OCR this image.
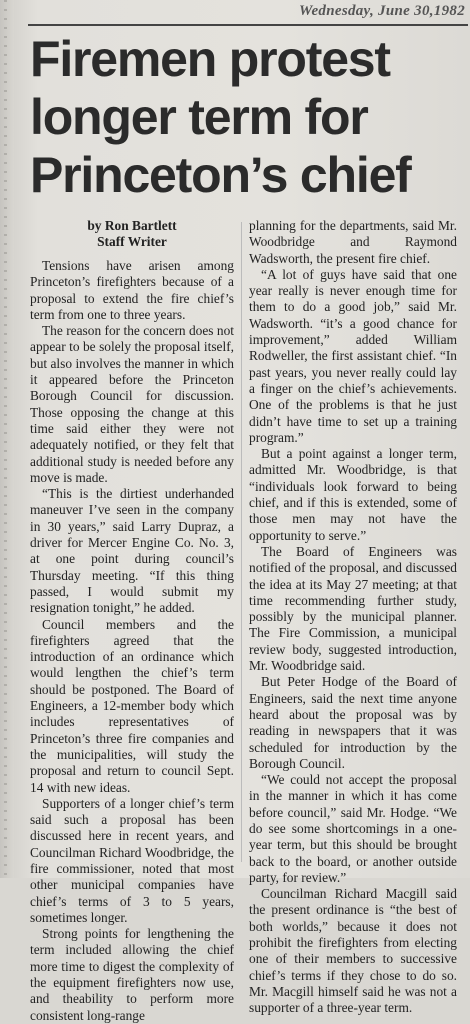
Wednesday, June 30,1982
Firemen protest
longer term for
Princeton’s chief
by Ron Bartlett
Staff Writer

Tensions have arisen among Princeton’s firefighters because of a proposal to extend the fire chief’s term from one to three years.

The reason for the concern does not appear to be solely the proposal itself, but also involves the manner in which it appeared before the Princeton Borough Council for discussion. Those opposing the change at this time said either they were not adequately notified, or they felt that additional study is needed before any move is made.

“This is the dirtiest underhanded maneuver I’ve seen in the company in 30 years,” said Larry Dupraz, a driver for Mercer Engine Co. No. 3, at one point during council’s Thursday meeting. “If this thing passed, I would submit my resignation tonight,” he added.

Council members and the firefighters agreed that the introduction of an ordinance which would lengthen the chief’s term should be postponed. The Board of Engineers, a 12-member body which includes representatives of Princeton’s three fire companies and the municipalities, will study the proposal and return to council Sept. 14 with new ideas.

Supporters of a longer chief’s term said such a proposal has been discussed here in recent years, and Councilman Richard Woodbridge, the fire commissioner, noted that most other municipal companies have chief’s terms of 3 to 5 years, sometimes longer.

Strong points for lengthening the term included allowing the chief more time to digest the complexity of the equipment firefighters now use, and theability to perform more consistent long-range

planning for the departments, said Mr. Woodbridge and Raymond Wadsworth, the present fire chief.

“A lot of guys have said that one year really is never enough time for them to do a good job,” said Mr. Wadsworth. “it’s a good chance for improvement,” added William Rodweller, the first assistant chief. “In past years, you never really could lay a finger on the chief’s achievements. One of the problems is that he just didn’t have time to set up a training program.”

But a point against a longer term, admitted Mr. Woodbridge, is that “individuals look forward to being chief, and if this is extended, some of those men may not have the opportunity to serve.”

The Board of Engineers was notified of the proposal, and discussed the idea at its May 27 meeting; at that time recommending further study, possibly by the municipal planner. The Fire Commission, a municipal review body, suggested introduction, Mr. Woodbridge said.

But Peter Hodge of the Board of Engineers, said the next time anyone heard about the proposal was by reading in newspapers that it was scheduled for introduction by the Borough Council.

“We could not accept the proposal in the manner in which it has come before council,” said Mr. Hodge. “We do see some shortcomings in a one-year term, but this should be brought back to the board, or another outside party, for review.”

Councilman Richard Macgill said the present ordinance is “the best of both worlds,” because it does not prohibit the firefighters from electing one of their members to successive chief’s terms if they chose to do so. Mr. Macgill himself said he was not a supporter of a three-year term.
